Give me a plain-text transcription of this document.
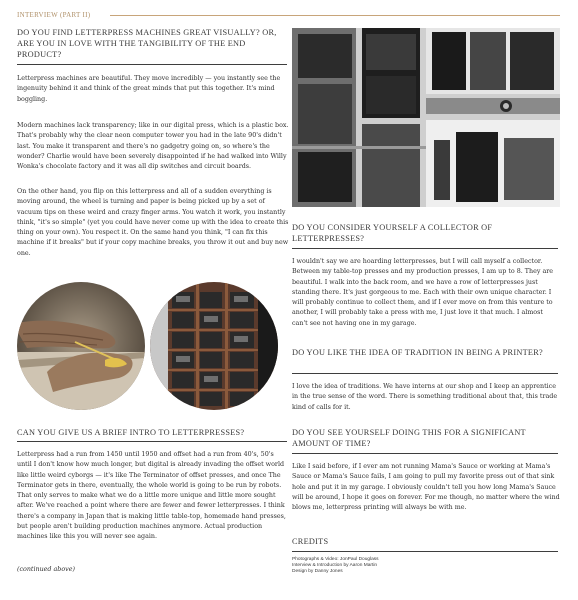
INTERVIEW (PART II)
DO YOU FIND LETTERPRESS MACHINES GREAT VISUALLY? OR, ARE YOU IN LOVE WITH THE TANGIBILITY OF THE END PRODUCT?
Letterpress machines are beautiful. They move incredibly — you instantly see the ingenuity behind it and think of the great minds that put this together. It's mind boggling.
Modern machines lack transparency; like in our digital press, which is a plastic box. That's probably why the clear neon computer tower you had in the late 90's didn't last. You make it transparent and there's no gadgetry going on, so where's the wonder? Charlie would have been severely disappointed if he had walked into Willy Wonka's chocolate factory and it was all dip switches and circuit boards.
On the other hand, you flip on this letterpress and all of a sudden everything is moving around, the wheel is turning and paper is being picked up by a set of vacuum tips on these weird and crazy finger arms. You watch it work, you instantly think, "it's so simple" (yet you could have never come up with the idea to create this thing on your own). You respect it. On the same hand you think, "I can fix this machine if it breaks" but if your copy machine breaks, you throw it out and buy new one.
CAN YOU GIVE US A BRIEF INTRO TO LETTERPRESSES?
Letterpress had a run from 1450 until 1950 and offset had a run from 40's, 50's until I don't know how much longer, but digital is already invading the offset world like little weird cyborgs — it's like The Terminator of offset presses, and once The Terminator gets in there, eventually, the whole world is going to be run by robots. That only serves to make what we do a little more unique and little more sought after. We've reached a point where there are fewer and fewer letterpresses. I think there's a company in Japan that is making little table-top, homemade hand presses, but people aren't building production machines anymore. Actual production machines like this you will never see again.
(continued above)
DO YOU CONSIDER YOURSELF A COLLECTOR OF LETTERPRESSES?
I wouldn't say we are hoarding letterpresses, but I will call myself a collector. Between my table-top presses and my production presses, I am up to 8. They are beautiful. I walk into the back room, and we have a row of letterpresses just standing there. It's just gorgeous to me. Each with their own unique character. I will probably continue to collect them, and if I ever move on from this venture to another, I will probably take a press with me, I just love it that much. I almost can't see not having one in my garage.
DO YOU LIKE THE IDEA OF TRADITION IN BEING A PRINTER?
I love the idea of traditions. We have interns at our shop and I keep an apprentice in the true sense of the word. There is something traditional about that, this trade kind of calls for it.
DO YOU SEE YOURSELF DOING THIS FOR A SIGNIFICANT AMOUNT OF TIME?
Like I said before, if I ever am not running Mama's Sauce or working at Mama's Sauce or Mama's Sauce fails, I am going to pull my favorite press out of that sink hole and put it in my garage. I obviously couldn't tell you how long Mama's Sauce will be around, I hope it goes on forever. For me though, no matter where the wind blows me, letterpress printing will always be with me.
CREDITS
Photographs & Video: JonPaul Douglass
Interview & Introduction by Aaron Martin
Design by Danny Jones
